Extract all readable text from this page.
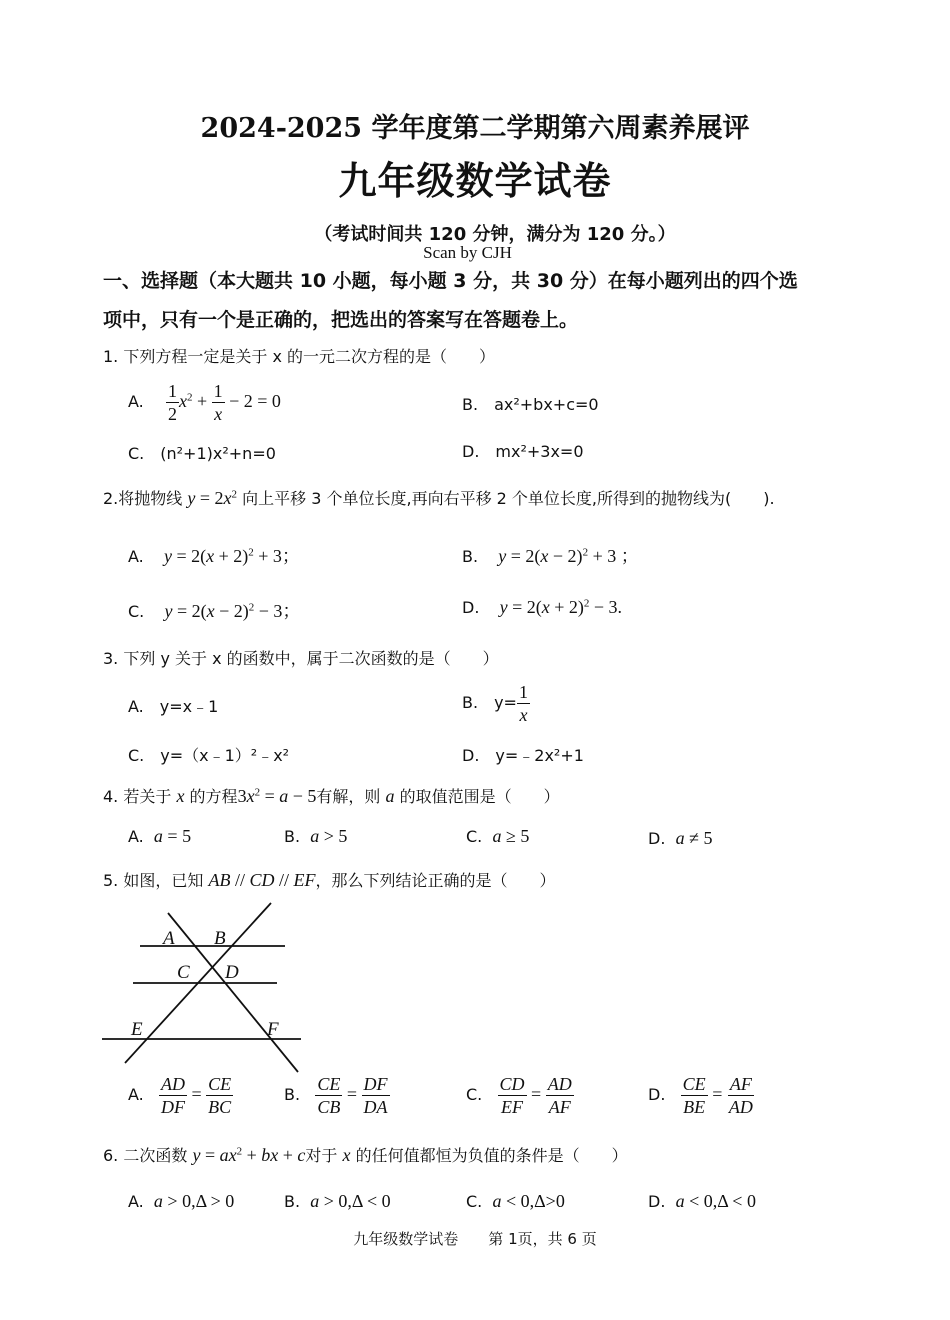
2024-2025 学年度第二学期第六周素养展评
九年级数学试卷
（考试时间共 120 分钟，满分为 120 分。）
Scan by CJH
一、选择题（本大题共 10 小题，每小题 3 分，共 30 分）在每小题列出的四个选
项中，只有一个是正确的，把选出的答案写在答题卷上。
1. 下列方程一定是关于 x 的一元二次方程的是（　　）
A. $\frac{1}{2} x^2 + \frac{1}{x} - 2 = 0$	B.　ax²+bx+c=0
C.　(n²+1)x²+n=0	D.　mx²+3x=0
2.将抛物线 $y = 2x^2$ 向上平移 3 个单位长度,再向右平移 2 个单位长度,所得到的抛物线为(　　).
A. $y = 2(x + 2)^2 + 3$；	B. $y = 2(x - 2)^2 + 3$ ；
C. $y = 2(x - 2)^2 - 3$；	D. $y = 2(x + 2)^2 - 3$.
3. 下列 y 关于 x 的函数中，属于二次函数的是（　　）
A.　y=x﹣1	B.　$y= \frac{1}{x}$
C.　y=（x﹣1）²﹣x²	D.　y=﹣2x²+1
4. 若关于 x 的方程$3x^2 = a - 5$有解，则 a 的取值范围是（　　）
A. a = 5	B. a > 5	C. a ≥ 5	D. a ≠ 5
5. 如图，已知 AB // CD // EF，那么下列结论正确的是（　　）
A B
C D
E	F
A. $\frac{AD}{DF} = \frac{CE}{BC}$	B. $\frac{CE}{CB} = \frac{DF}{DA}$	C. $\frac{CD}{EF} = \frac{AD}{AF}$	D. $\frac{CE}{BE} = \frac{AF}{AD}$
6. 二次函数 $y = ax^2$ + bx + c对于 x 的任何值都恒为负值的条件是（　　）
A. a > 0,Δ > 0	B. a > 0,Δ < 0	C. a < 0,Δ>0	D. a < 0,Δ < 0
九年级数学试卷　　第 1页，共 6 页
